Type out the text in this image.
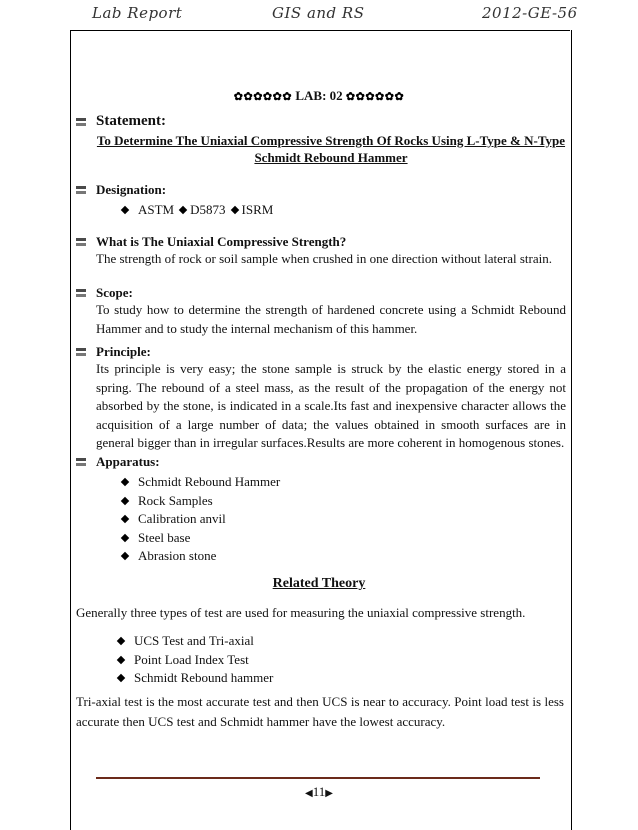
Lab Report	GIS and RS	2012-GE-56
✿✿✿✿✿✿ LAB: 02 ✿✿✿✿✿✿
Statement:
To Determine The Uniaxial Compressive Strength Of Rocks Using L-Type & N-Type Schmidt Rebound Hammer
Designation:
ASTM D5873 ISRM
What is The Uniaxial Compressive Strength?
The strength of rock or soil sample when crushed in one direction without lateral strain.
Scope:
To study how to determine the strength of hardened concrete using a Schmidt Rebound Hammer and to study the internal mechanism of this hammer.
Principle:
Its principle is very easy; the stone sample is struck by the elastic energy stored in a spring. The rebound of a steel mass, as the result of the propagation of the energy not absorbed by the stone, is indicated in a scale.Its fast and inexpensive character allows the acquisition of a large number of data; the values obtained in smooth surfaces are in general bigger than in irregular surfaces.Results are more coherent in homogenous stones.
Apparatus:
Schmidt Rebound Hammer
Rock Samples
Calibration anvil
Steel base
Abrasion stone
Related Theory
Generally three types of test are used for measuring the uniaxial compressive strength.
UCS Test and Tri-axial
Point Load Index Test
Schmidt Rebound hammer
Tri-axial test is the most accurate test and then UCS is near to accuracy. Point load test is less accurate then UCS test and Schmidt hammer have the lowest accuracy.
◀11▶
